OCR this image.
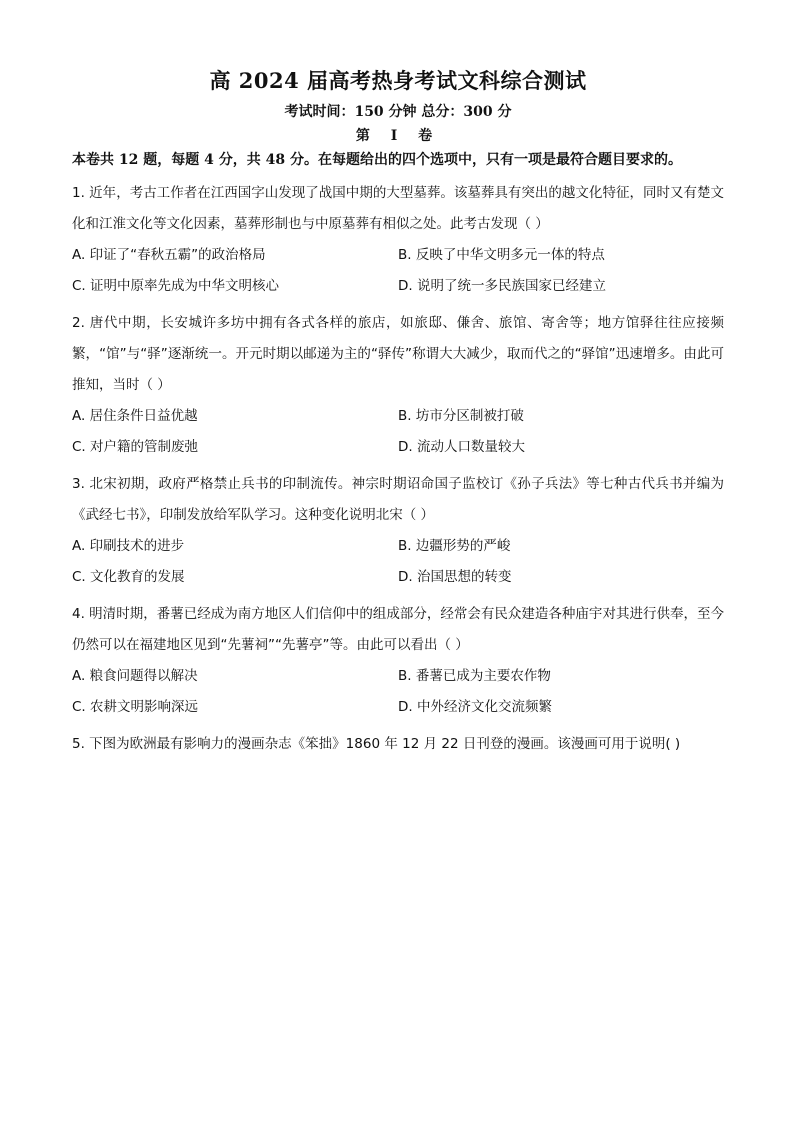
高 2024 届高考热身考试文科综合测试
考试时间：150 分钟 总分：300 分
第 Ⅰ 卷
本卷共 12 题，每题 4 分，共 48 分。在每题给出的四个选项中，只有一项是最符合题目要求的。
1. 近年，考古工作者在江西国字山发现了战国中期的大型墓葬。该墓葬具有突出的越文化特征，同时又有楚文化和江淮文化等文化因素，墓葬形制也与中原墓葬有相似之处。此考古发现（ ）
A. 印证了“春秋五霸”的政治格局	B. 反映了中华文明多元一体的特点
C. 证明中原率先成为中华文明核心	D. 说明了统一多民族国家已经建立
2. 唐代中期，长安城许多坊中拥有各式各样的旅店，如旅邸、傔舍、旅馆、寄舍等；地方馆驿往往应接频繁，“馆”与“驿”逐渐统一。开元时期以邮递为主的“驿传”称谓大大减少，取而代之的“驿馆”迅速增多。由此可推知，当时（ ）
A. 居住条件日益优越	B. 坊市分区制被打破
C. 对户籍的管制废弛	D. 流动人口数量较大
3. 北宋初期，政府严格禁止兵书的印制流传。神宗时期诏命国子监校订《孙子兵法》等七种古代兵书并编为《武经七书》，印制发放给军队学习。这种变化说明北宋（ ）
A. 印刷技术的进步	B. 边疆形势的严峻
C. 文化教育的发展	D. 治国思想的转变
4. 明清时期，番薯已经成为南方地区人们信仰中的组成部分，经常会有民众建造各种庙宇对其进行供奉，至今仍然可以在福建地区见到“先薯祠”“先薯亭”等。由此可以看出（ ）
A. 粮食问题得以解决	B. 番薯已成为主要农作物
C. 农耕文明影响深远	D. 中外经济文化交流频繁
5. 下图为欧洲最有影响力的漫画杂志《笨拙》1860 年 12 月 22 日刊登的漫画。该漫画可用于说明( )
